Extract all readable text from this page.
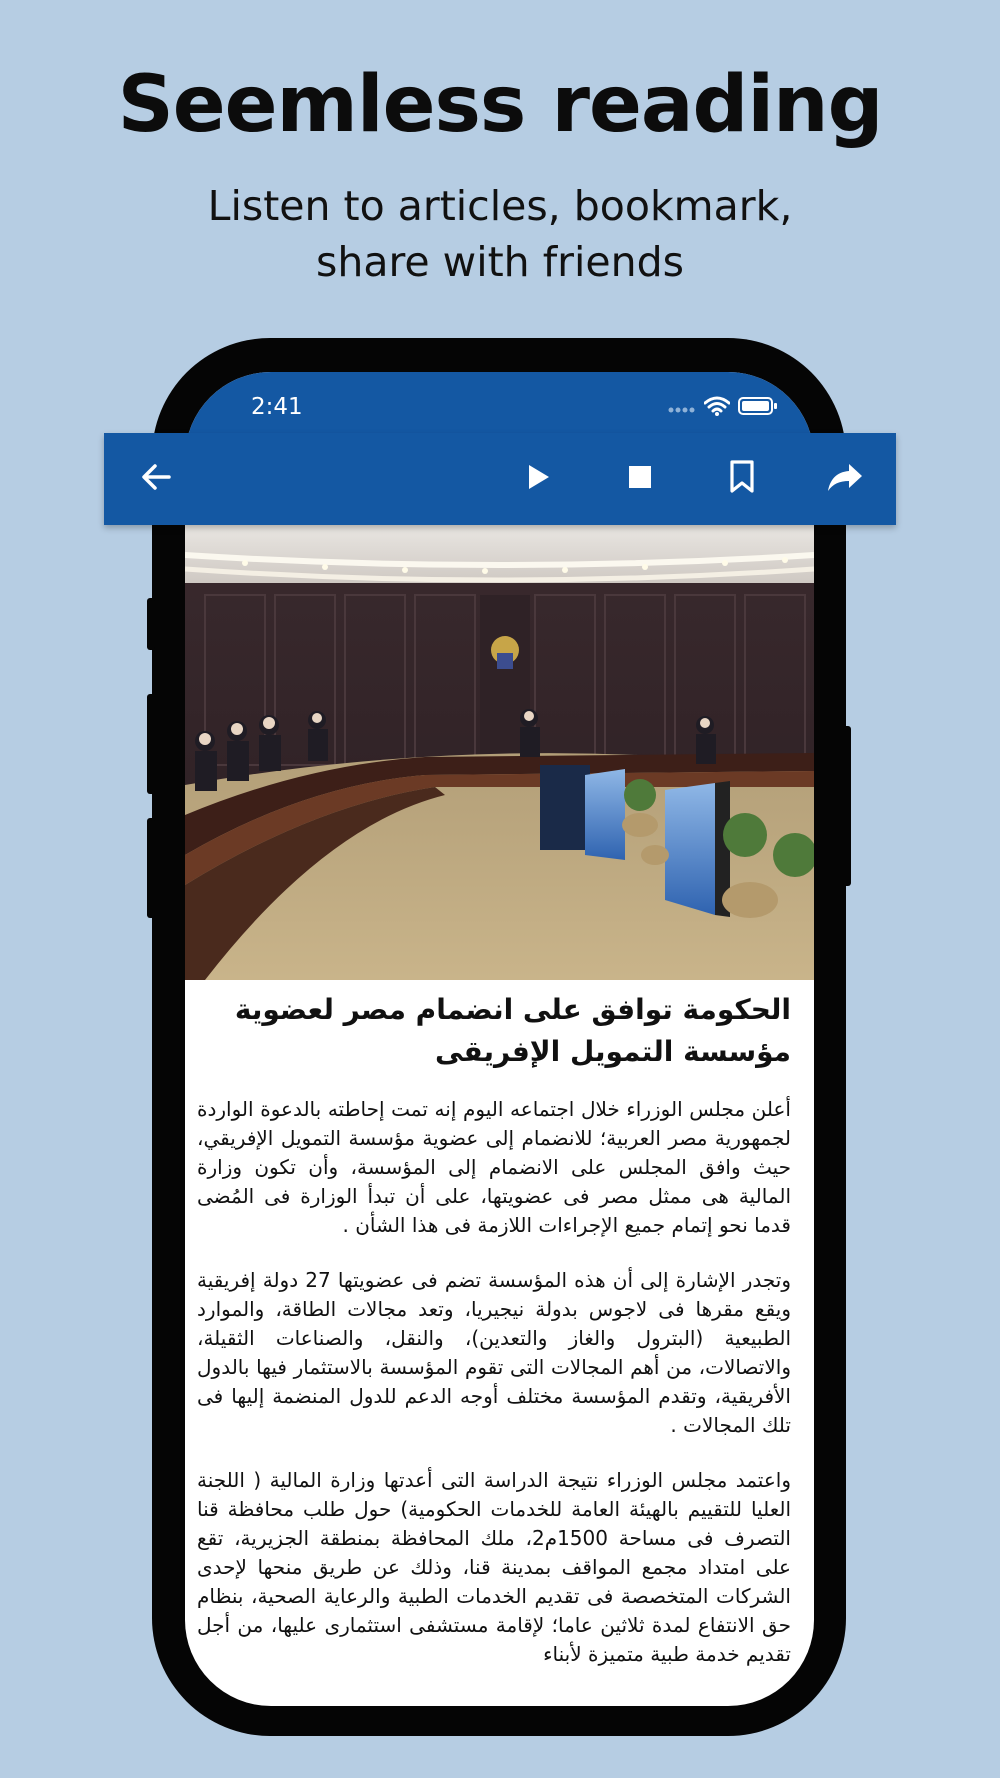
Seemless reading
Listen to articles, bookmark,
share with friends
2:41
الحكومة توافق على انضمام مصر لعضوية مؤسسة التمويل الإفريقى

أعلن مجلس الوزراء خلال اجتماعه اليوم إنه تمت إحاطته بالدعوة الواردة لجمهورية مصر العربية؛ للانضمام إلى عضوية مؤسسة التمويل الإفريقي، حيث وافق المجلس على الانضمام إلى المؤسسة، وأن تكون وزارة المالية هى ممثل مصر فى عضويتها، على أن تبدأ الوزارة فى المُضى قدما نحو إتمام جميع الإجراءات اللازمة فى هذا الشأن .

وتجدر الإشارة إلى أن هذه المؤسسة تضم فى عضويتها 27 دولة إفريقية ويقع مقرها فى لاجوس بدولة نيجيريا، وتعد مجالات الطاقة، والموارد الطبيعية (البترول والغاز والتعدين)، والنقل، والصناعات الثقيلة، والاتصالات، من أهم المجالات التى تقوم المؤسسة بالاستثمار فيها بالدول الأفريقية، وتقدم المؤسسة مختلف أوجه الدعم للدول المنضمة إليها فى تلك المجالات .

واعتمد مجلس الوزراء نتيجة الدراسة التى أعدتها وزارة المالية ( اللجنة العليا للتقييم بالهيئة العامة للخدمات الحكومية) حول طلب محافظة قنا التصرف فى مساحة 1500م2، ملك المحافظة بمنطقة الجزيرية، تقع على امتداد مجمع المواقف بمدينة قنا، وذلك عن طريق منحها لإحدى الشركات المتخصصة فى تقديم الخدمات الطبية والرعاية الصحية، بنظام حق الانتفاع لمدة ثلاثين عاما؛ لإقامة مستشفى استثمارى عليها، من أجل تقديم خدمة طبية متميزة لأبناء
